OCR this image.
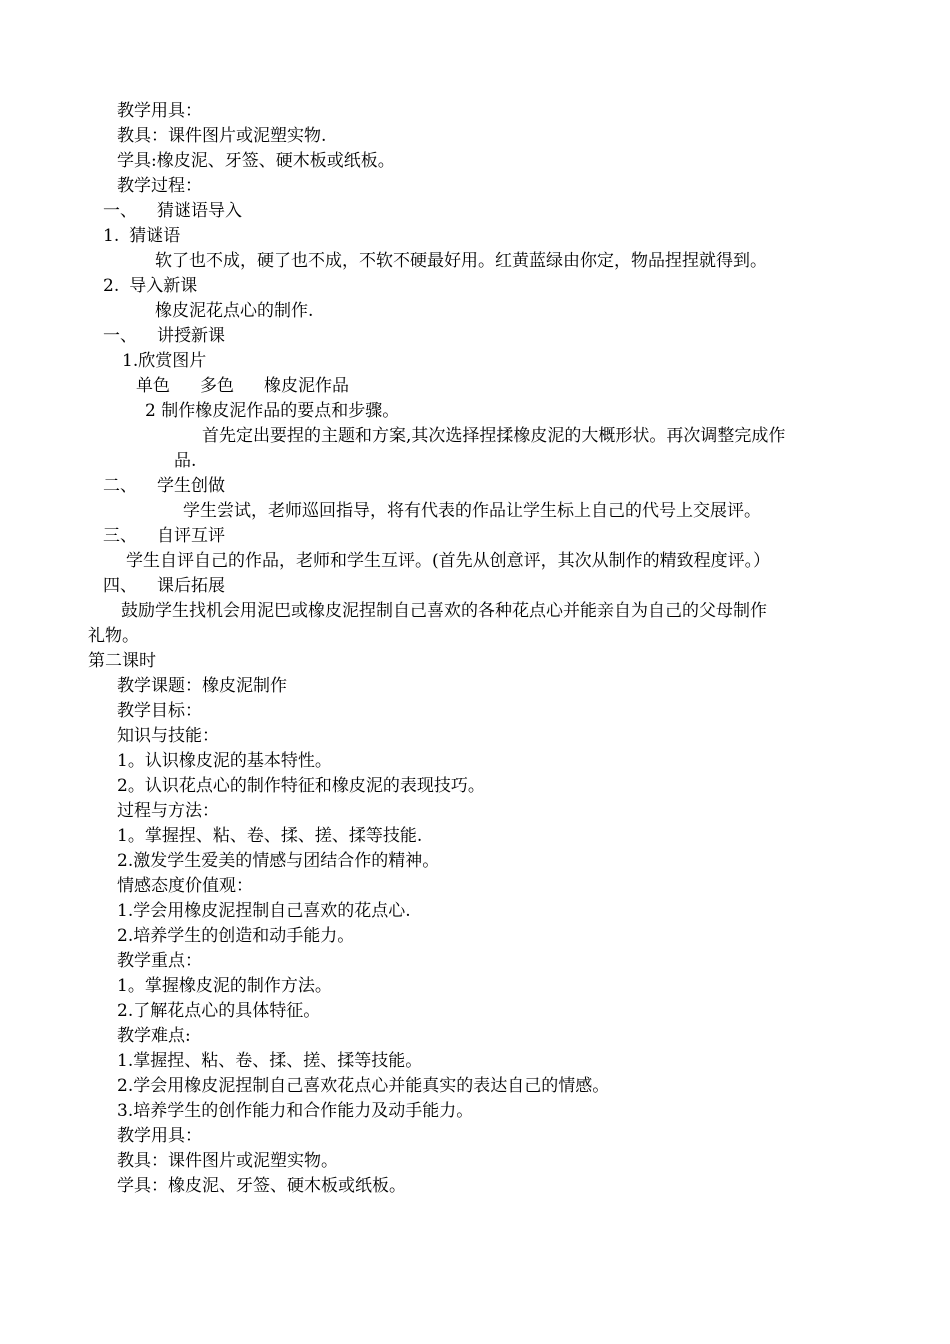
教学用具：
教具：课件图片或泥塑实物.
学具:橡皮泥、牙签、硬木板或纸板。
教学过程：
一、 猜谜语导入
1. 猜谜语
软了也不成，硬了也不成，不软不硬最好用。红黄蓝绿由你定，物品捏捏就得到。
2. 导入新课
橡皮泥花点心的制作.
一、 讲授新课
1.欣赏图片
单色 多色 橡皮泥作品
2 制作橡皮泥作品的要点和步骤。
首先定出要捏的主题和方案,其次选择捏揉橡皮泥的大概形状。再次调整完成作
品.
二、 学生创做
学生尝试，老师巡回指导，将有代表的作品让学生标上自己的代号上交展评。
三、 自评互评
学生自评自己的作品，老师和学生互评。(首先从创意评，其次从制作的精致程度评。）
四、 课后拓展
鼓励学生找机会用泥巴或橡皮泥捏制自己喜欢的各种花点心并能亲自为自己的父母制作
礼物。
第二课时
教学课题：橡皮泥制作
教学目标：
知识与技能：
1。认识橡皮泥的基本特性。
2。认识花点心的制作特征和橡皮泥的表现技巧。
过程与方法：
1。掌握捏、粘、卷、揉、搓、揉等技能.
2.激发学生爱美的情感与团结合作的精神。
情感态度价值观：
1.学会用橡皮泥捏制自己喜欢的花点心.
2.培养学生的创造和动手能力。
教学重点：
1。掌握橡皮泥的制作方法。
2.了解花点心的具体特征。
教学难点:
1.掌握捏、粘、卷、揉、搓、揉等技能。
2.学会用橡皮泥捏制自己喜欢花点心并能真实的表达自己的情感。
3.培养学生的创作能力和合作能力及动手能力。
教学用具：
教具：课件图片或泥塑实物。
学具：橡皮泥、牙签、硬木板或纸板。
